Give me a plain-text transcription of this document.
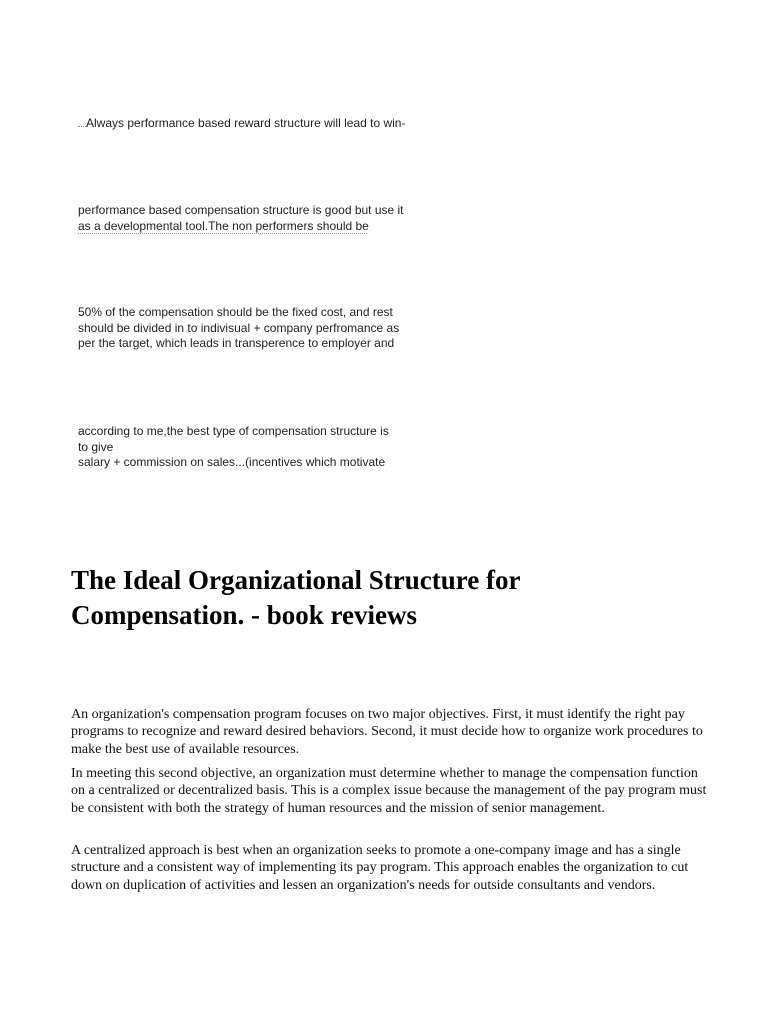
Always performance based reward structure will lead to win-
performance based compensation structure is good but use it
as a developmental tool.The non performers should be
50% of the compensation should be the fixed cost, and rest
should be divided in to indivisual + company perfromance as
per the target, which leads in transperence to employer and
according to me,the best type of compensation structure is
to give
salary + commission on sales...(incentives which motivate
The Ideal Organizational Structure for
Compensation. - book reviews

An organization's compensation program focuses on two major objectives. First, it must identify the right pay programs to recognize and reward desired behaviors. Second, it must decide how to organize work procedures to make the best use of available resources.

In meeting this second objective, an organization must determine whether to manage the compensation function on a centralized or decentralized basis. This is a complex issue because the management of the pay program must be consistent with both the strategy of human resources and the mission of senior management.

A centralized approach is best when an organization seeks to promote a one-company image and has a single structure and a consistent way of implementing its pay program. This approach enables the organization to cut down on duplication of activities and lessen an organization's needs for outside consultants and vendors.
